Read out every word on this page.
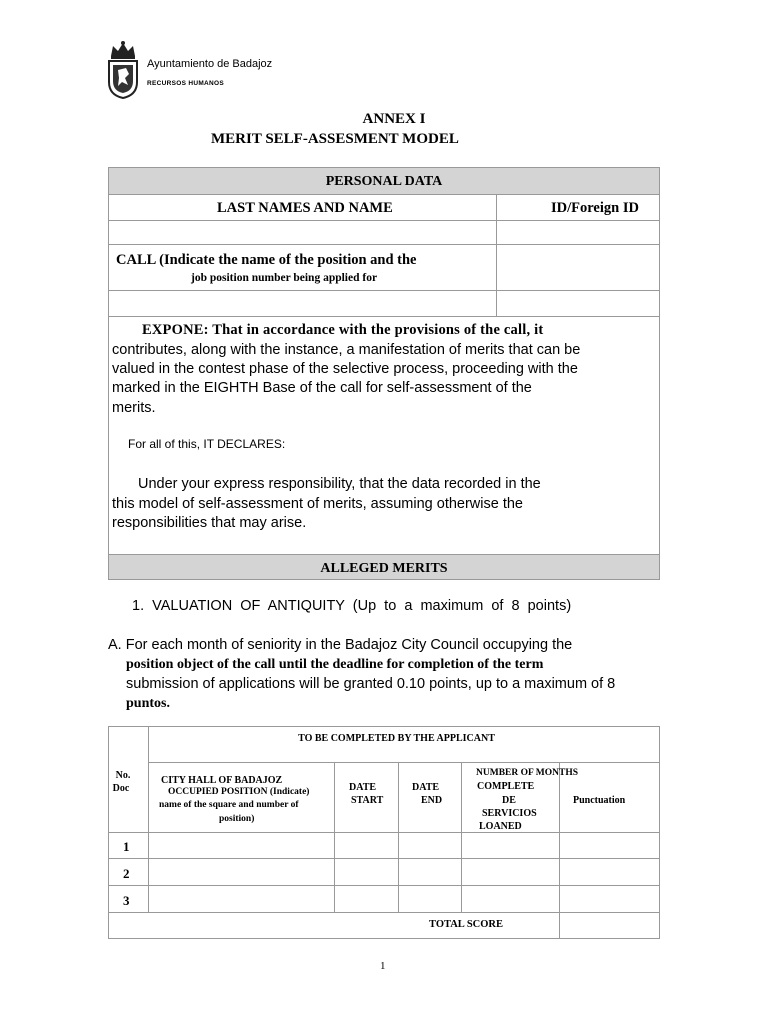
Ayuntamiento de Badajoz
RECURSOS HUMANOS
ANNEX I
MERIT SELF-ASSESMENT MODEL
PERSONAL DATA
LAST NAMES AND NAME	ID/Foreign ID
CALL (Indicate the name of the position and the
job position number being applied for
EXPONE: That in accordance with the provisions of the call, it
contributes, along with the instance, a manifestation of merits that can be
valued in the contest phase of the selective process, proceeding with the
marked in the EIGHTH Base of the call for self-assessment of the
merits.
For all of this, IT DECLARES:
Under your express responsibility, that the data recorded in the
this model of self-assessment of merits, assuming otherwise the
responsibilities that may arise.
ALLEGED MERITS
1.  VALUATION  OF  ANTIQUITY  (Up  to  a  maximum  of  8  points)
A. For each month of seniority in the Badajoz City Council occupying the
position object of the call until the deadline for completion of the term
submission of applications will be granted 0.10 points, up to a maximum of 8
puntos.
TO BE COMPLETED BY THE APPLICANT
No.
Doc
CITY HALL OF BADAJOZ
OCCUPIED POSITION (Indicate)
name of the square and number of
position)
DATE
START
DATE
END
NUMBER OF MONTHS
COMPLETE
DE
SERVICIOS
LOANED
Punctuation
1
2
3
TOTAL SCORE
1
